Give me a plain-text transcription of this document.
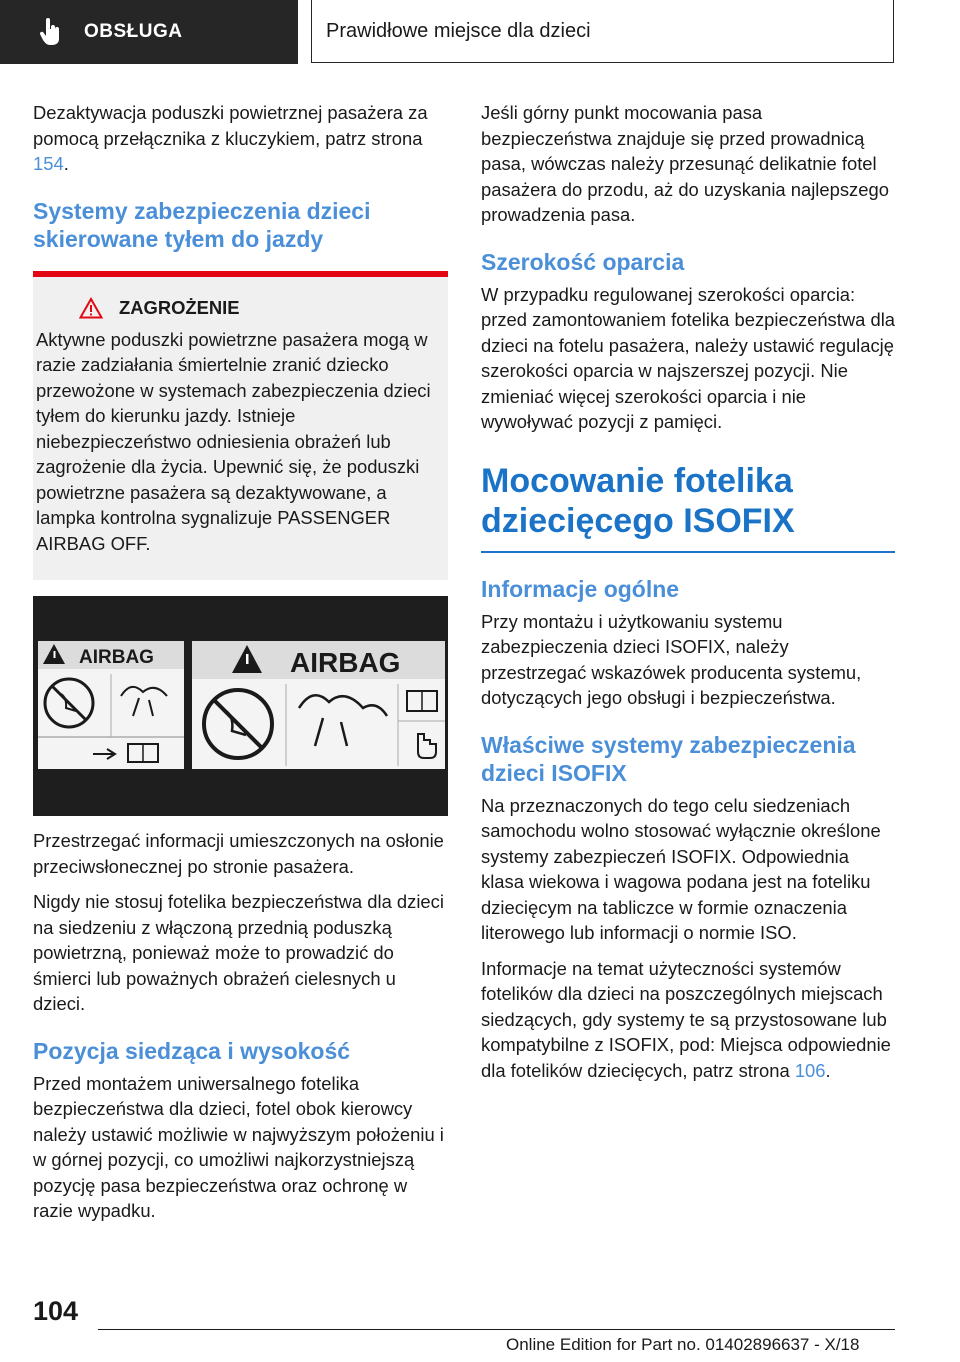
OBSŁUGA	Prawidłowe miejsce dla dzieci

Dezaktywacja poduszki powietrznej pasażera za pomocą przełącznika z kluczykiem, patrz strona 154.

Systemy zabezpieczenia dzieci skierowane tyłem do jazdy
ZAGROŻENIE

Aktywne poduszki powietrzne pasażera mogą w razie zadziałania śmiertelnie zranić dziecko przewożone w systemach zabezpieczenia dzieci tyłem do kierunku jazdy. Istnieje niebezpieczeństwo odniesienia obrażeń lub zagrożenie dla życia. Upewnić się, że poduszki powietrzne pasażera są dezaktywowane, a lampka kontrolna sygnalizuje PASSENGER AIRBAG OFF.

AIRBAG	AIRBAG

Przestrzegać informacji umieszczonych na osłonie przeciwsłonecznej po stronie pasażera.

Nigdy nie stosuj fotelika bezpieczeństwa dla dzieci na siedzeniu z włączoną przednią poduszką powietrzną, ponieważ może to prowadzić do śmierci lub poważnych obrażeń cielesnych u dzieci.

Pozycja siedząca i wysokość

Przed montażem uniwersalnego fotelika bezpieczeństwa dla dzieci, fotel obok kierowcy należy ustawić możliwie w najwyższym położeniu i w górnej pozycji, co umożliwi najkorzystniejszą pozycję pasa bezpieczeństwa oraz ochronę w razie wypadku.

Jeśli górny punkt mocowania pasa bezpieczeństwa znajduje się przed prowadnicą pasa, wówczas należy przesunąć delikatnie fotel pasażera do przodu, aż do uzyskania najlepszego prowadzenia pasa.

Szerokość oparcia

W przypadku regulowanej szerokości oparcia: przed zamontowaniem fotelika bezpieczeństwa dla dzieci na fotelu pasażera, należy ustawić regulację szerokości oparcia w najszerszej pozycji. Nie zmieniać więcej szerokości oparcia i nie wywoływać pozycji z pamięci.

Mocowanie fotelika dziecięcego ISOFIX
Informacje ogólne

Przy montażu i użytkowaniu systemu zabezpieczenia dzieci ISOFIX, należy przestrzegać wskazówek producenta systemu, dotyczących jego obsługi i bezpieczeństwa.

Właściwe systemy zabezpieczenia dzieci ISOFIX

Na przeznaczonych do tego celu siedzeniach samochodu wolno stosować wyłącznie określone systemy zabezpieczeń ISOFIX. Odpowiednia klasa wiekowa i wagowa podana jest na foteliku dziecięcym na tabliczce w formie oznaczenia literowego lub informacji o normie ISO.

Informacje na temat użyteczności systemów fotelików dla dzieci na poszczególnych miejscach siedzących, gdy systemy te są przystosowane lub kompatybilne z ISOFIX, pod: Miejsca odpowiednie dla fotelików dziecięcych, patrz strona 106.

104
Online Edition for Part no. 01402896637 - X/18
